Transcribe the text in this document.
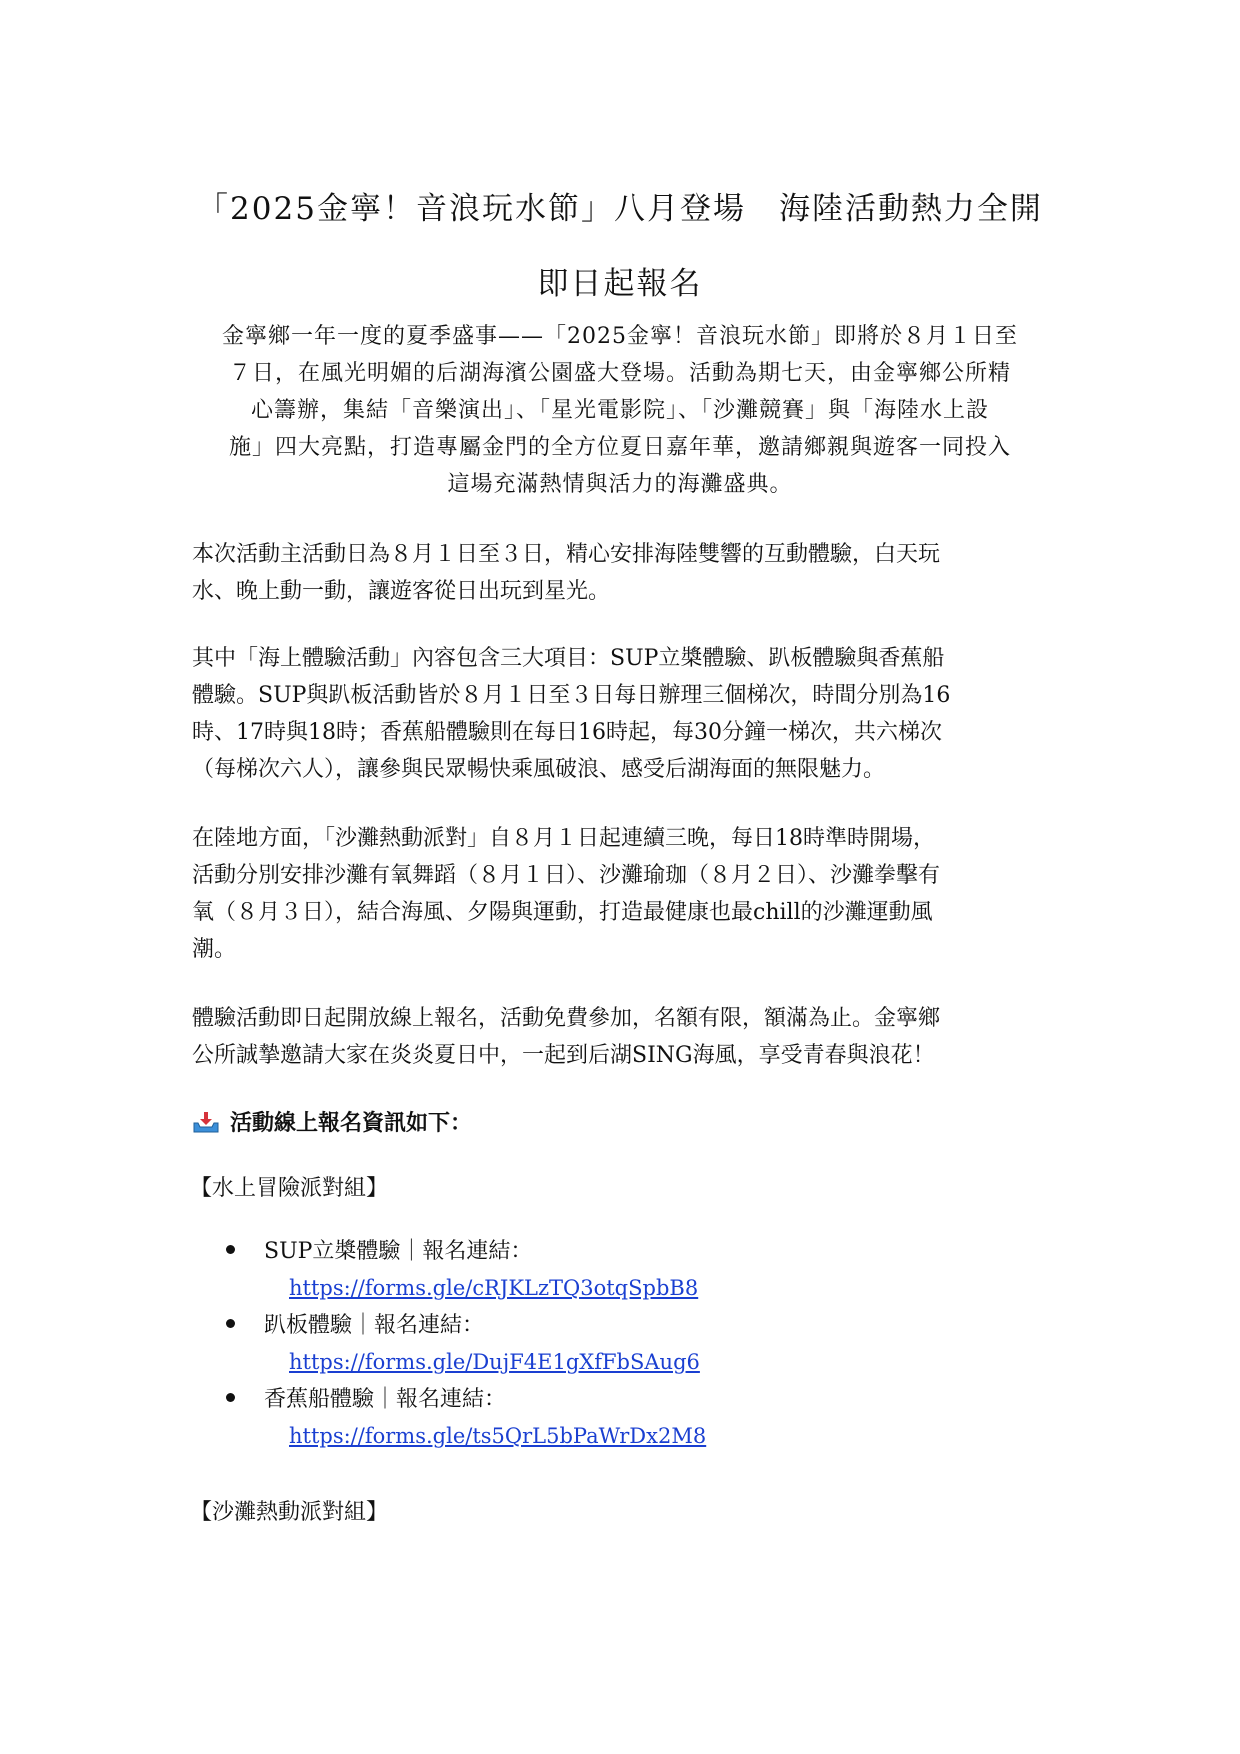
「2025金寧！音浪玩水節」八月登場　海陸活動熱力全開
即日起報名
金寧鄉一年一度的夏季盛事——「2025金寧！音浪玩水節」即將於８月１日至
７日，在風光明媚的后湖海濱公園盛大登場。活動為期七天，由金寧鄉公所精
心籌辦，集結「音樂演出」、「星光電影院」、「沙灘競賽」與「海陸水上設
施」四大亮點，打造專屬金門的全方位夏日嘉年華，邀請鄉親與遊客一同投入
這場充滿熱情與活力的海灘盛典。
本次活動主活動日為８月１日至３日，精心安排海陸雙響的互動體驗，白天玩
水、晚上動一動，讓遊客從日出玩到星光。
其中「海上體驗活動」內容包含三大項目：SUP立槳體驗、趴板體驗與香蕉船
體驗。SUP與趴板活動皆於８月１日至３日每日辦理三個梯次，時間分別為16
時、17時與18時；香蕉船體驗則在每日16時起，每30分鐘一梯次，共六梯次
（每梯次六人），讓參與民眾暢快乘風破浪、感受后湖海面的無限魅力。
在陸地方面，「沙灘熱動派對」自８月１日起連續三晚，每日18時準時開場，
活動分別安排沙灘有氧舞蹈（８月１日）、沙灘瑜珈（８月２日）、沙灘拳擊有
氧（８月３日），結合海風、夕陽與運動，打造最健康也最chill的沙灘運動風
潮。
體驗活動即日起開放線上報名，活動免費參加，名額有限，額滿為止。金寧鄉
公所誠摯邀請大家在炎炎夏日中，一起到后湖SING海風，享受青春與浪花！
活動線上報名資訊如下：
【水上冒險派對組】
SUP立槳體驗｜報名連結：
https://forms.gle/cRJKLzTQ3otqSpbB8
趴板體驗｜報名連結：
https://forms.gle/DujF4E1gXfFbSAug6
香蕉船體驗｜報名連結：
https://forms.gle/ts5QrL5bPaWrDx2M8
【沙灘熱動派對組】
